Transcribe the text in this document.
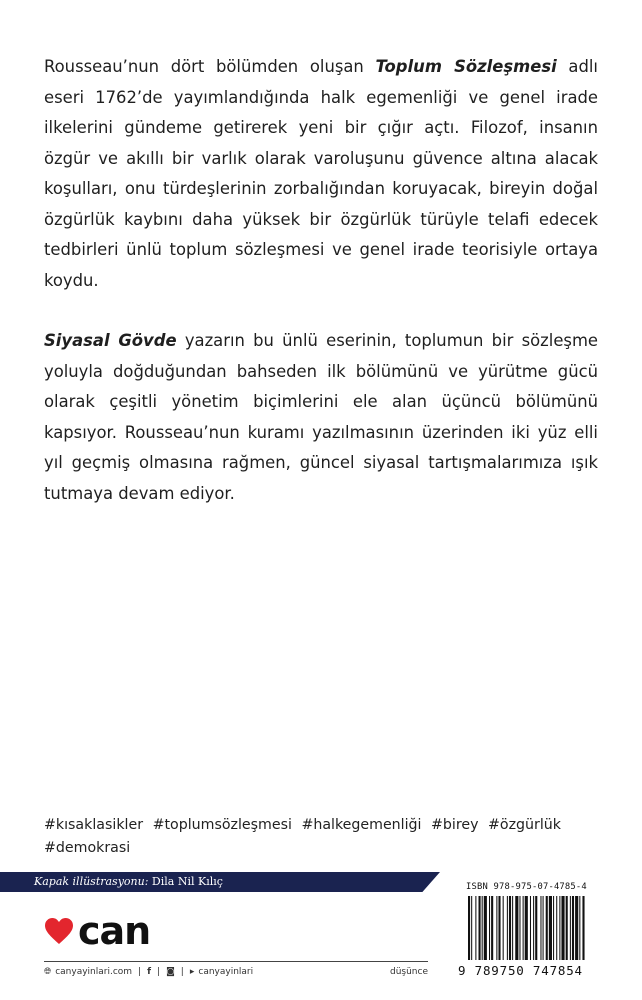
Rousseau’nun dört bölümden oluşan Toplum Sözleşmesi adlı eseri 1762’de yayımlandığında halk egemenliği ve genel irade ilkelerini gündeme getirerek yeni bir çığır açtı. Filozof, insanın özgür ve akıllı bir varlık olarak varoluşunu güvence altına alacak koşulları, onu türdeşlerinin zorbalığından koruyacak, bireyin doğal özgürlük kaybını daha yüksek bir özgürlük türüyle telafi edecek tedbirleri ünlü toplum sözleşmesi ve genel irade teorisiyle ortaya koydu.

Siyasal Gövde yazarın bu ünlü eserinin, toplumun bir sözleşme yoluyla doğduğundan bahseden ilk bölümünü ve yürütme gücü olarak çeşitli yönetim biçimlerini ele alan üçüncü bölümünü kapsıyor. Rousseau’nun kuramı yazılmasının üzerinden iki yüz elli yıl geçmiş olmasına rağmen, güncel siyasal tartışmalarımıza ışık tutmaya devam ediyor.

#kısaklasikler #toplumsözleşmesi #halkegemenliği #birey #özgürlük
#demokrasi
Kapak illüstrasyonu: Dila Nil Kılıç
can
🌐︎ canyayinlari.com | f | ◙ | ▸ canyayinlari	düşünce
ISBN 978-975-07-4785-4
9 789750 747854
